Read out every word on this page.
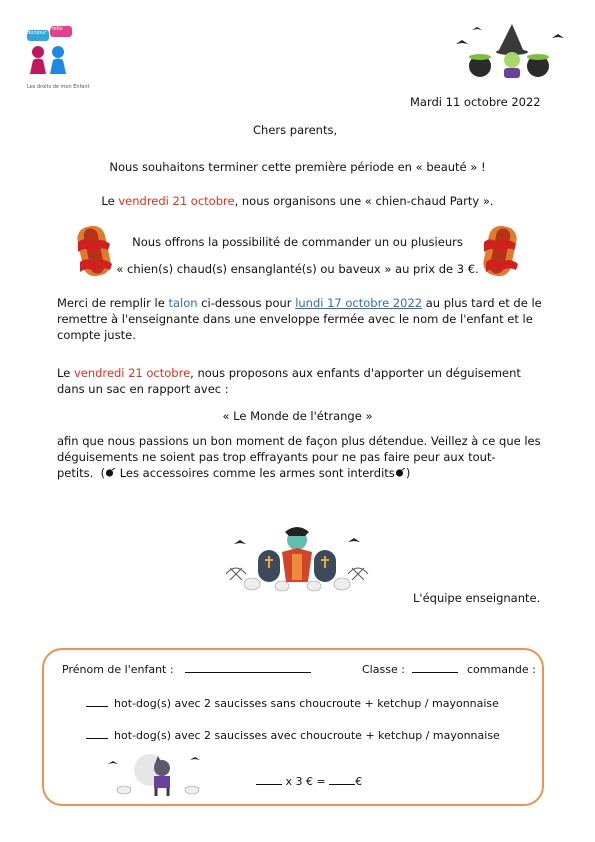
Bonjour
Hello
Les droits de mon Enfant
Mardi 11 octobre 2022
Chers parents,
Nous souhaitons terminer cette première période en « beauté » !
Le vendredi 21 octobre, nous organisons une « chien-chaud Party ».
Nous offrons la possibilité de commander un ou plusieurs
« chien(s) chaud(s) ensanglanté(s) ou baveux » au prix de 3 €.
Merci de remplir le talon ci-dessous pour lundi 17 octobre 2022 au plus tard et de le remettre à l'enseignante dans une enveloppe fermée avec le nom de l'enfant et le compte juste.
Le vendredi 21 octobre, nous proposons aux enfants d'apporter un déguisement dans un sac en rapport avec :
« Le Monde de l'étrange »
afin que nous passions un bon moment de façon plus détendue. Veillez à ce que les déguisements ne soient pas trop effrayants pour ne pas faire peur aux tout-petits. ( Les accessoires comme les armes sont interdits )
L'équipe enseignante.
Prénom de l'enfant :	Classe :	commande :
hot-dog(s) avec 2 saucisses sans choucroute + ketchup / mayonnaise
hot-dog(s) avec 2 saucisses avec choucroute + ketchup / mayonnaise
x 3 € =	€
